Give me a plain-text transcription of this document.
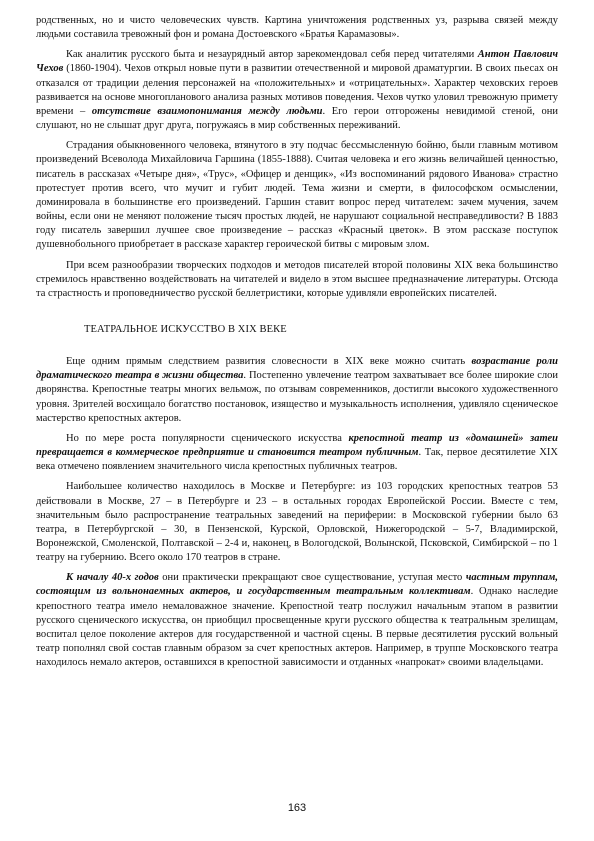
родственных, но и чисто человеческих чувств. Картина уничтожения родственных уз, разрыва связей между людьми составила тревожный фон и романа Достоевского «Братья Карамазовы».

Как аналитик русского быта и незаурядный автор зарекомендовал себя перед читателями Антон Павлович Чехов (1860-1904). Чехов открыл новые пути в развитии отечественной и мировой драматургии. В своих пьесах он отказался от традиции деления персонажей на «положительных» и «отрицательных». Характер чеховских героев развивается на основе многопланового анализа разных мотивов поведения. Чехов чутко уловил тревожную примету времени – отсутствие взаимопонимания между людьми. Его герои отгорожены невидимой стеной, они слушают, но не слышат друг друга, погружаясь в мир собственных переживаний.

Страдания обыкновенного человека, втянутого в эту подчас бессмысленную бойню, были главным мотивом произведений Всеволода Михайловича Гаршина (1855-1888). Считая человека и его жизнь величайшей ценностью, писатель в рассказах «Четыре дня», «Трус», «Офицер и денщик», «Из воспоминаний рядового Иванова» страстно протестует против всего, что мучит и губит людей. Тема жизни и смерти, в философском осмыслении, доминировала в большинстве его произведений. Гаршин ставит вопрос перед читателем: зачем мучения, зачем войны, если они не меняют положение тысяч простых людей, не нарушают социальной несправедливости? В 1883 году писатель завершил лучшее свое произведение – рассказ «Красный цветок». В этом рассказе поступок душевнобольного приобретает в рассказе характер героической битвы с мировым злом.

При всем разнообразии творческих подходов и методов писателей второй половины XIX века большинство стремилось нравственно воздействовать на читателей и видело в этом высшее предназначение литературы. Отсюда та страстность и проповедничество русской беллетристики, которые удивляли европейских писателей.

ТЕАТРАЛЬНОЕ ИСКУССТВО В XIX ВЕКЕ

Еще одним прямым следствием развития словесности в XIX веке можно считать возрастание роли драматического театра в жизни общества. Постепенно увлечение театром захватывает все более широкие слои дворянства. Крепостные театры многих вельмож, по отзывам современников, достигли высокого художественного уровня. Зрителей восхищало богатство постановок, изящество и музыкальность исполнения, удивляло сценическое мастерство крепостных актеров.

Но по мере роста популярности сценического искусства крепостной театр из «домашней» затеи превращается в коммерческое предприятие и становится театром публичным. Так, первое десятилетие XIX века отмечено появлением значительного числа крепостных публичных театров.

Наибольшее количество находилось в Москве и Петербурге: из 103 городских крепостных театров 53 действовали в Москве, 27 – в Петербурге и 23 – в остальных городах Европейской России. Вместе с тем, значительным было распространение театральных заведений на периферии: в Московской губернии было 63 театра, в Петербургской – 30, в Пензенской, Курской, Орловской, Нижегородской – 5-7, Владимирской, Воронежской, Смоленской, Полтавской – 2-4 и, наконец, в Вологодской, Волынской, Псковской, Симбирской – по 1 театру на губернию. Всего около 170 театров в стране.

К началу 40-х годов они практически прекращают свое существование, уступая место частным труппам, состоящим из вольнонаемных актеров, и государственным театральным коллективам. Однако наследие крепостного театра имело немаловажное значение. Крепостной театр послужил начальным этапом в развитии русского сценического искусства, он приобщил просвещенные круги русского общества к театральным зрелищам, воспитал целое поколение актеров для государственной и частной сцены. В первые десятилетия русский вольный театр пополнял свой состав главным образом за счет крепостных актеров. Например, в труппе Московского театра находилось немало актеров, оставшихся в крепостной зависимости и отданных «напрокат» своими владельцами.

163
